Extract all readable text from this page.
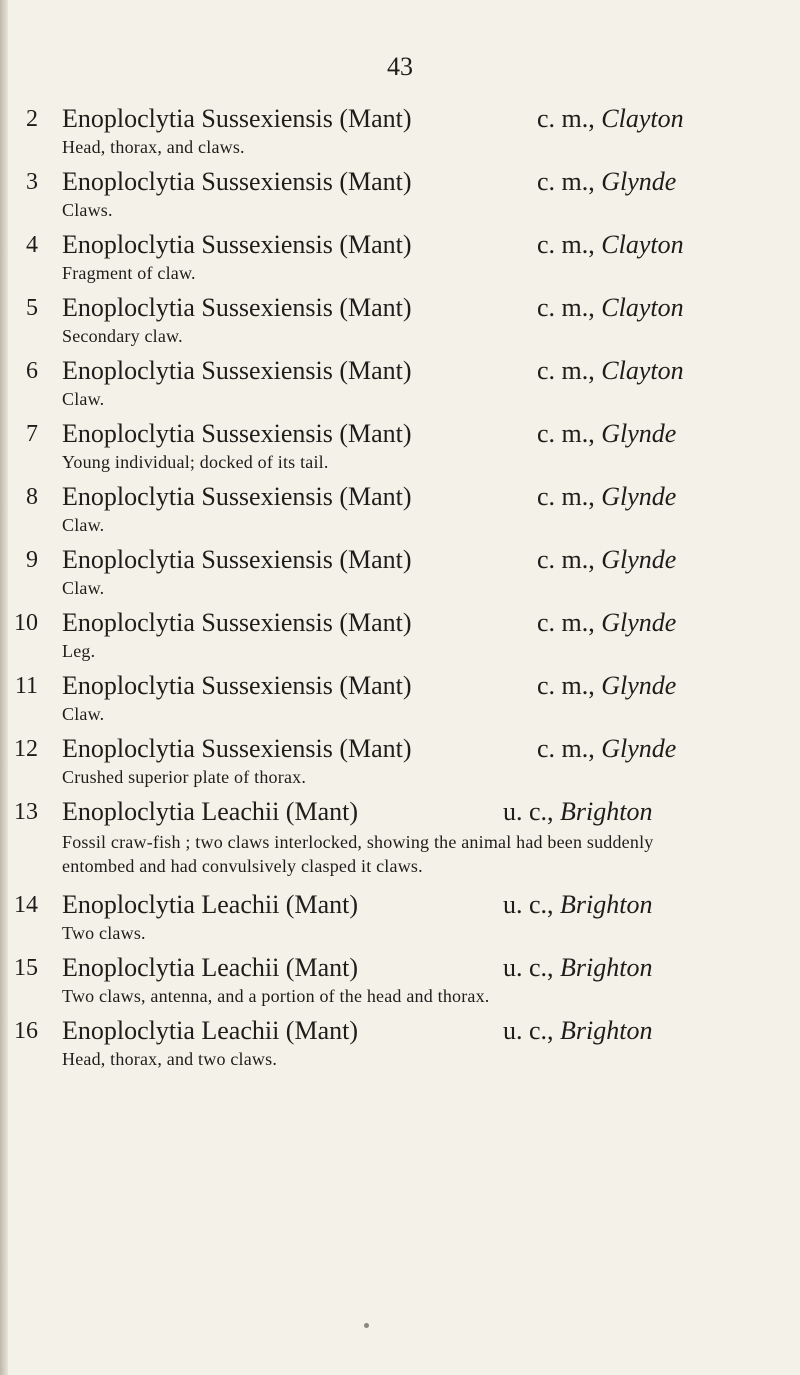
43
2 Enoploclytia Sussexiensis (Mant)	c. m., Clayton
Head, thorax, and claws.
3 Enoploclytia Sussexiensis (Mant)	c. m., Glynde
Claws.
4 Enoploclytia Sussexiensis (Mant)	c. m., Clayton
Fragment of claw.
5 Enoploclytia Sussexiensis (Mant)	c. m., Clayton
Secondary claw.
6 Enoploclytia Sussexiensis (Mant)	c. m., Clayton
Claw.
7 Enoploclytia Sussexiensis (Mant)	c. m., Glynde
Young individual; docked of its tail.
8 Enoploclytia Sussexiensis (Mant)	c. m., Glynde
Claw.
9 Enoploclytia Sussexiensis (Mant)	c. m., Glynde
Claw.
10 Enoploclytia Sussexiensis (Mant)	c. m., Glynde
Leg.
11 Enoploclytia Sussexiensis (Mant)	c. m., Glynde
Claw.
12 Enoploclytia Sussexiensis (Mant)	c. m., Glynde
Crushed superior plate of thorax.
13 Enoploclytia Leachii (Mant)	u. c., Brighton
Fossil craw-fish ; two claws interlocked, showing the animal had been suddenly entombed and had convulsively clasped it claws.
14 Enoploclytia Leachii (Mant)	u. c., Brighton
Two claws.
15 Enoploclytia Leachii (Mant)	u. c., Brighton
Two claws, antenna, and a portion of the head and thorax.
16 Enoploclytia Leachii (Mant)	u. c., Brighton
Head, thorax, and two claws.
